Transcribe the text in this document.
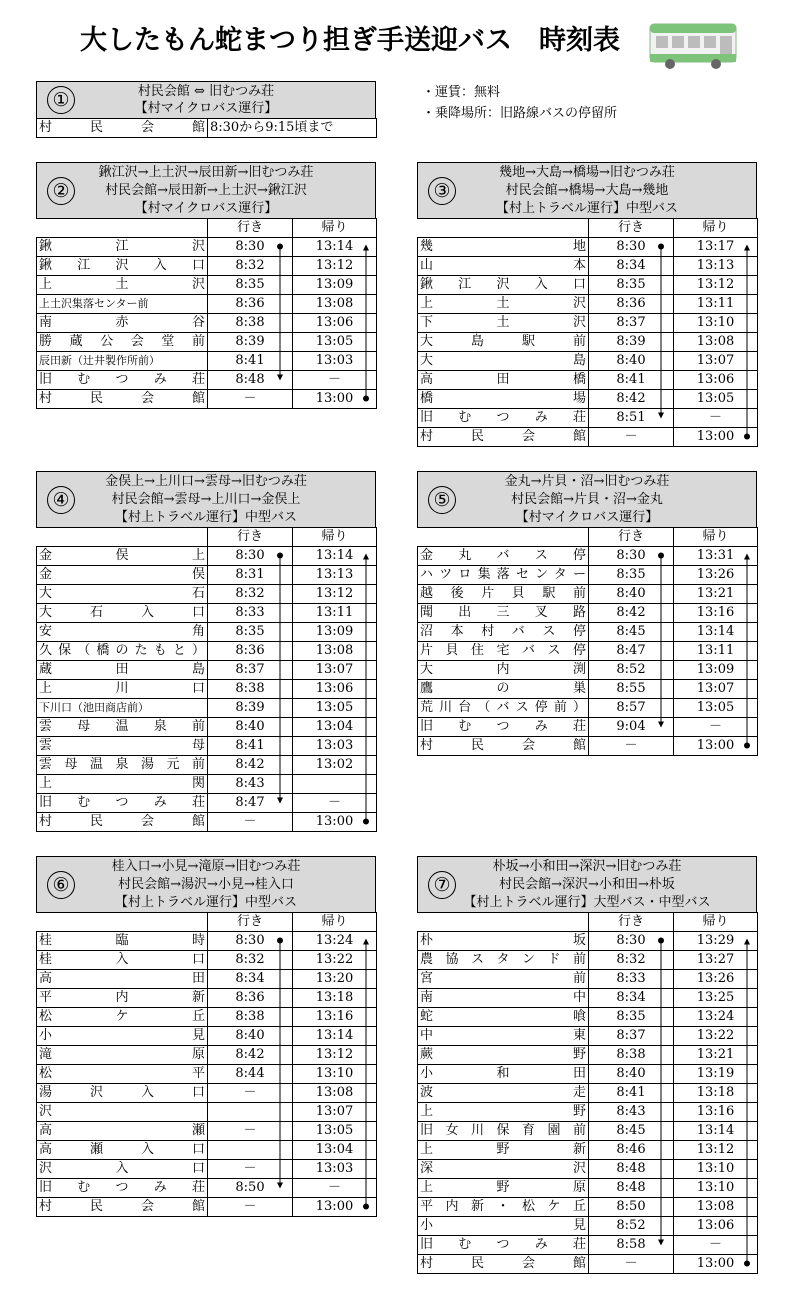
大したもん蛇まつり担ぎ手送迎バス　時刻表
・運賃：無料
・乗降場所：旧路線バスの停留所
①	村民会館 ⇔ 旧むつみ荘
【村マイクロバス運行】
村民会館	8:30から9:15頃まで
②
鍬江沢→上土沢→辰田新→旧むつみ荘
村民会館→辰田新→上土沢→鍬江沢
【村マイクロバス運行】
	行き	帰り
鍬江沢	8:30	13:14
鍬江沢入口	8:32	13:12
上土沢	8:35	13:09
上土沢集落センター前	8:36	13:08
南赤谷	8:38	13:06
勝蔵公会堂前	8:39	13:05
辰田新（辻井製作所前）	8:41	13:03
旧むつみ荘	8:48	－
村民会館	－	13:00
③
幾地→大島→橋場→旧むつみ荘
村民会館→橋場→大島→幾地
【村上トラベル運行】中型バス
	行き	帰り
幾地	8:30	13:17
山本	8:34	13:13
鍬江沢入口	8:35	13:12
上土沢	8:36	13:11
下土沢	8:37	13:10
大島駅前	8:39	13:08
大島	8:40	13:07
高田橋	8:41	13:06
橋場	8:42	13:05
旧むつみ荘	8:51	－
村民会館	－	13:00
④
金俣上→上川口→雲母→旧むつみ荘
村民会館→雲母→上川口→金俣上
【村上トラベル運行】中型バス
	行き	帰り
金俣上	8:30	13:14
金俣	8:31	13:13
大石	8:32	13:12
大石入口	8:33	13:11
安角	8:35	13:09
久保（橋のたもと）	8:36	13:08
蔵田島	8:37	13:07
上川口	8:38	13:06
下川口（池田商店前）	8:39	13:05
雲母温泉前	8:40	13:04
雲母	8:41	13:03
雲母温泉湯元前	8:42	13:02
上関	8:43	
旧むつみ荘	8:47	－
村民会館	－	13:00
⑤
金丸→片貝・沼→旧むつみ荘
村民会館→片貝・沼→金丸
【村マイクロバス運行】
	行き	帰り
金丸バス停	8:30	13:31
ハツロ集落センター	8:35	13:26
越後片貝駅前	8:40	13:21
聞出三叉路	8:42	13:16
沼本村バス停	8:45	13:14
片貝住宅バス停	8:47	13:11
大内渕	8:52	13:09
鷹の巣	8:55	13:07
荒川台（バス停前）	8:57	13:05
旧むつみ荘	9:04	－
村民会館	－	13:00
⑥
桂入口→小見→滝原→旧むつみ荘
村民会館→湯沢→小見→桂入口
【村上トラベル運行】中型バス
	行き	帰り
桂臨時	8:30	13:24
桂入口	8:32	13:22
高田	8:34	13:20
平内新	8:36	13:18
松ケ丘	8:38	13:16
小見	8:40	13:14
滝原	8:42	13:12
松平	8:44	13:10
湯沢入口	－	13:08
沢		13:07
高瀬	－	13:05
高瀬入口		13:04
沢入口	－	13:03
旧むつみ荘	8:50	－
村民会館	－	13:00
⑦
朴坂→小和田→深沢→旧むつみ荘
村民会館→深沢→小和田→朴坂
【村上トラベル運行】大型バス・中型バス
	行き	帰り
朴坂	8:30	13:29
農協スタンド前	8:32	13:27
宮前	8:33	13:26
南中	8:34	13:25
蛇喰	8:35	13:24
中東	8:37	13:22
蕨野	8:38	13:21
小和田	8:40	13:19
波走	8:41	13:18
上野	8:43	13:16
旧女川保育園前	8:45	13:14
上野新	8:46	13:12
深沢	8:48	13:10
上野原	8:48	13:10
平内新・松ケ丘	8:50	13:08
小見	8:52	13:06
旧むつみ荘	8:58	－
村民会館	－	13:00
